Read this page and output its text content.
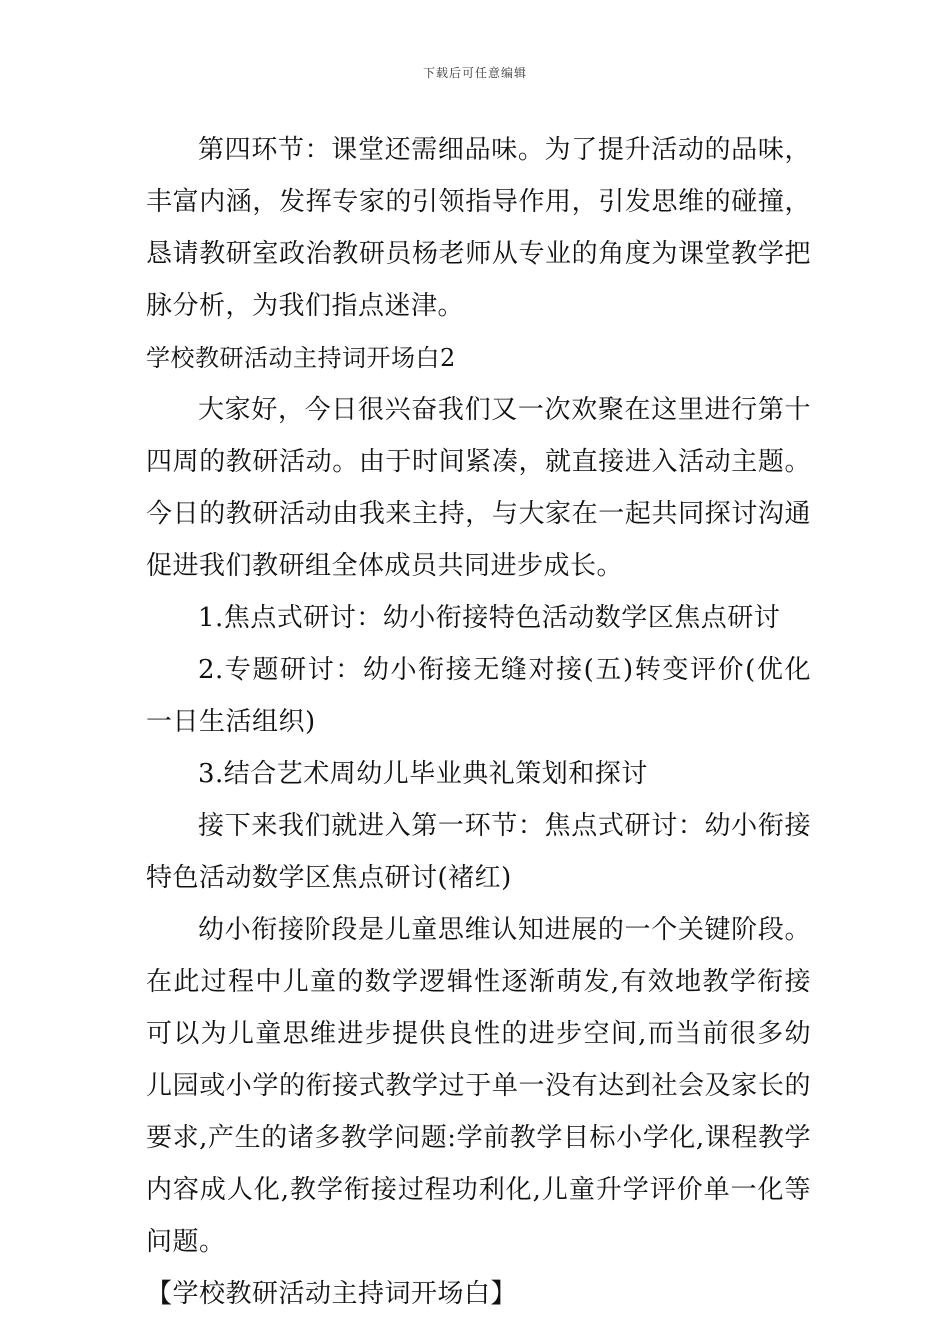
下载后可任意编辑

第四环节：课堂还需细品味。为了提升活动的品味，丰富内涵，发挥专家的引领指导作用，引发思维的碰撞，恳请教研室政治教研员杨老师从专业的角度为课堂教学把脉分析，为我们指点迷津。

学校教研活动主持词开场白2

大家好，今日很兴奋我们又一次欢聚在这里进行第十四周的教研活动。由于时间紧凑，就直接进入活动主题。今日的教研活动由我来主持，与大家在一起共同探讨沟通促进我们教研组全体成员共同进步成长。

1.焦点式研讨：幼小衔接特色活动数学区焦点研讨

2.专题研讨：幼小衔接无缝对接(五)转变评价(优化一日生活组织)

3.结合艺术周幼儿毕业典礼策划和探讨

接下来我们就进入第一环节：焦点式研讨：幼小衔接特色活动数学区焦点研讨(褚红)

幼小衔接阶段是儿童思维认知进展的一个关键阶段。在此过程中儿童的数学逻辑性逐渐萌发,有效地教学衔接可以为儿童思维进步提供良性的进步空间,而当前很多幼儿园或小学的衔接式教学过于单一没有达到社会及家长的要求,产生的诸多教学问题:学前教学目标小学化,课程教学内容成人化,教学衔接过程功利化,儿童升学评价单一化等问题。

【学校教研活动主持词开场白】
